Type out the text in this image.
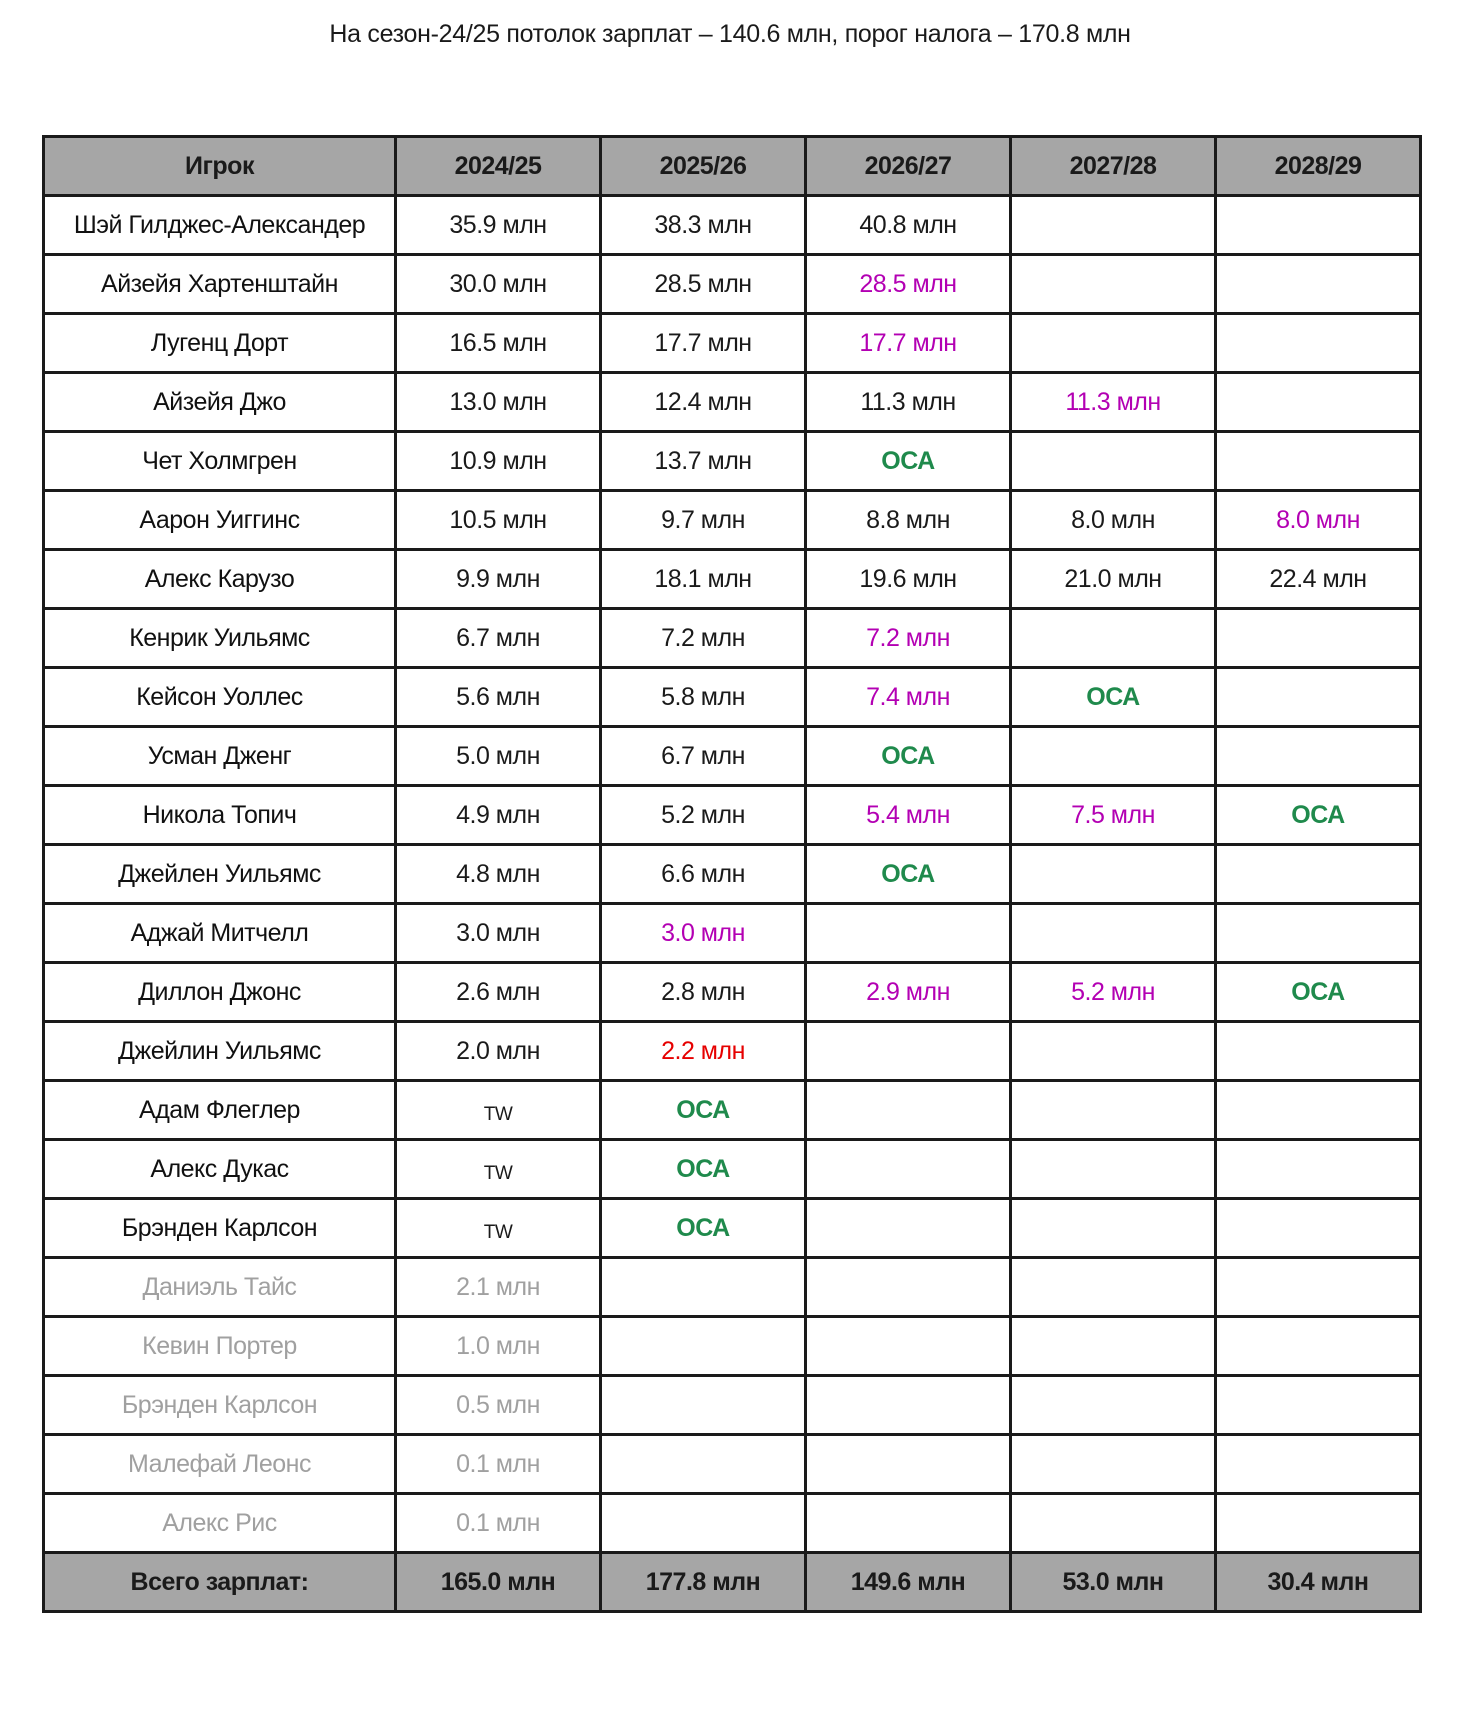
На сезон-24/25 потолок зарплат – 140.6 млн, порог налога – 170.8 млн
Игрок	2024/25	2025/26	2026/27	2027/28	2028/29
Шэй Гилджес-Александер	35.9 млн	38.3 млн	40.8 млн		
Айзейя Хартенштайн	30.0 млн	28.5 млн	28.5 млн		
Лугенц Дорт	16.5 млн	17.7 млн	17.7 млн		
Айзейя Джо	13.0 млн	12.4 млн	11.3 млн	11.3 млн	
Чет Холмгрен	10.9 млн	13.7 млн	ОСА		
Аарон Уиггинс	10.5 млн	9.7 млн	8.8 млн	8.0 млн	8.0 млн
Алекс Карузо	9.9 млн	18.1 млн	19.6 млн	21.0 млн	22.4 млн
Кенрик Уильямс	6.7 млн	7.2 млн	7.2 млн		
Кейсон Уоллес	5.6 млн	5.8 млн	7.4 млн	ОСА	
Усман Дженг	5.0 млн	6.7 млн	ОСА		
Никола Топич	4.9 млн	5.2 млн	5.4 млн	7.5 млн	ОСА
Джейлен Уильямс	4.8 млн	6.6 млн	ОСА		
Аджай Митчелл	3.0 млн	3.0 млн			
Диллон Джонс	2.6 млн	2.8 млн	2.9 млн	5.2 млн	ОСА
Джейлин Уильямс	2.0 млн	2.2 млн			
Адам Флеглер	TW	ОСА			
Алекс Дукас	TW	ОСА			
Брэнден Карлсон	TW	ОСА			
Даниэль Тайс	2.1 млн				
Кевин Портер	1.0 млн				
Брэнден Карлсон	0.5 млн				
Малефай Леонс	0.1 млн				
Алекс Рис	0.1 млн				
Всего зарплат:	165.0 млн	177.8 млн	149.6 млн	53.0 млн	30.4 млн
